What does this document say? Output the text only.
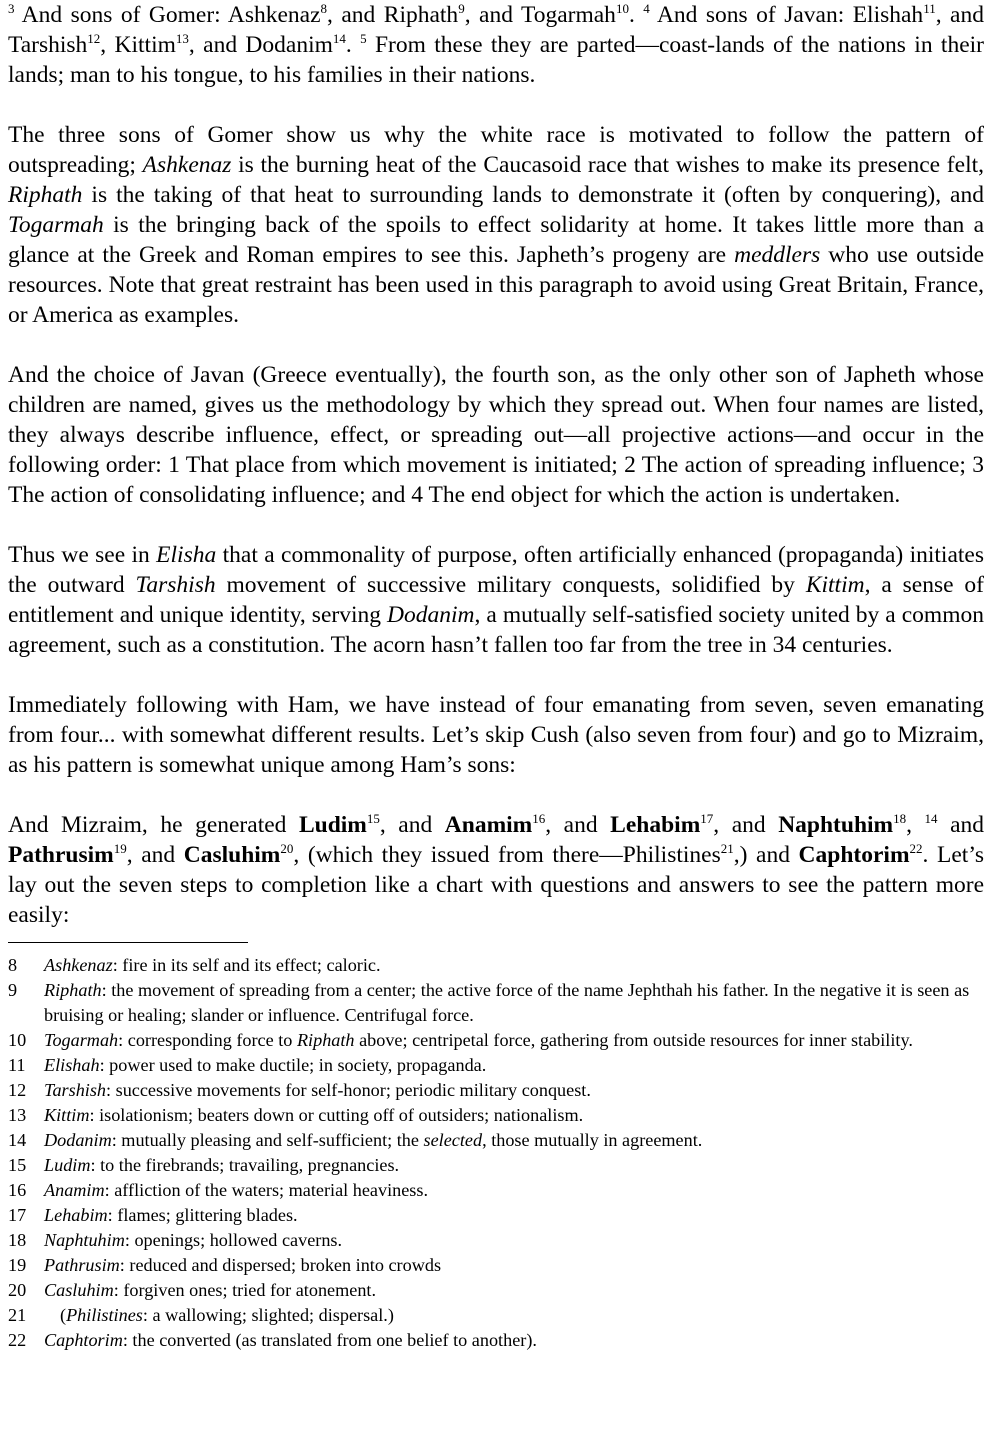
$^3$ And sons of Gomer: Ashkenaz$^8$, and Riphath$^9$, and Togarmah$^{10}$. $^4$ And sons of Javan: Elishah$^{11}$, and Tarshish$^{12}$, Kittim$^{13}$, and Dodanim$^{14}$. $^5$ From these they are parted—coast-lands of the nations in their lands; man to his tongue, to his families in their nations.

The three sons of Gomer show us why the white race is motivated to follow the pattern of outspreading; Ashkenaz is the burning heat of the Caucasoid race that wishes to make its presence felt, Riphath is the taking of that heat to surrounding lands to demonstrate it (often by conquering), and Togarmah is the bringing back of the spoils to effect solidarity at home. It takes little more than a glance at the Greek and Roman empires to see this. Japheth’s progeny are meddlers who use outside resources. Note that great restraint has been used in this paragraph to avoid using Great Britain, France, or America as examples.

And the choice of Javan (Greece eventually), the fourth son, as the only other son of Japheth whose children are named, gives us the methodology by which they spread out. When four names are listed, they always describe influence, effect, or spreading out—all projective actions—and occur in the following order: 1 That place from which movement is initiated; 2 The action of spreading influence; 3 The action of consolidating influence; and 4 The end object for which the action is undertaken.

Thus we see in Elisha that a commonality of purpose, often artificially enhanced (propaganda) initiates the outward Tarshish movement of successive military conquests, solidified by Kittim, a sense of entitlement and unique identity, serving Dodanim, a mutually self-satisfied society united by a common agreement, such as a constitution. The acorn hasn’t fallen too far from the tree in 34 centuries.

Immediately following with Ham, we have instead of four emanating from seven, seven emanating from four... with somewhat different results. Let’s skip Cush (also seven from four) and go to Mizraim, as his pattern is somewhat unique among Ham’s sons:

And Mizraim, he generated Ludim$^{15}$, and Anamim$^{16}$, and Lehabim$^{17}$, and Naphtuhim$^{18}$, $^{14}$ and Pathrusim$^{19}$, and Casluhim$^{20}$, (which they issued from there—Philistines$^{21}$,) and Caphtorim$^{22}$. Let’s lay out the seven steps to completion like a chart with questions and answers to see the pattern more easily:

8	Ashkenaz: fire in its self and its effect; caloric.
9	Riphath: the movement of spreading from a center; the active force of the name Jephthah his father. In the negative it is seen as bruising or healing; slander or influence. Centrifugal force.
10 Togarmah: corresponding force to Riphath above; centripetal force, gathering from outside resources for inner stability.
11	Elishah: power used to make ductile; in society, propaganda.
12 Tarshish: successive movements for self-honor; periodic military conquest.
13 Kittim: isolationism; beaters down or cutting off of outsiders; nationalism.
14 Dodanim: mutually pleasing and self-sufficient; the selected, those mutually in agreement.
15 Ludim: to the firebrands; travailing, pregnancies.
16 Anamim: affliction of the waters; material heaviness.
17 Lehabim: flames; glittering blades.
18 Naphtuhim: openings; hollowed caverns.
19 Pathrusim: reduced and dispersed; broken into crowds
20 Casluhim: forgiven ones; tried for atonement.
21	(Philistines: a wallowing; slighted; dispersal.)
22 Caphtorim: the converted (as translated from one belief to another).
